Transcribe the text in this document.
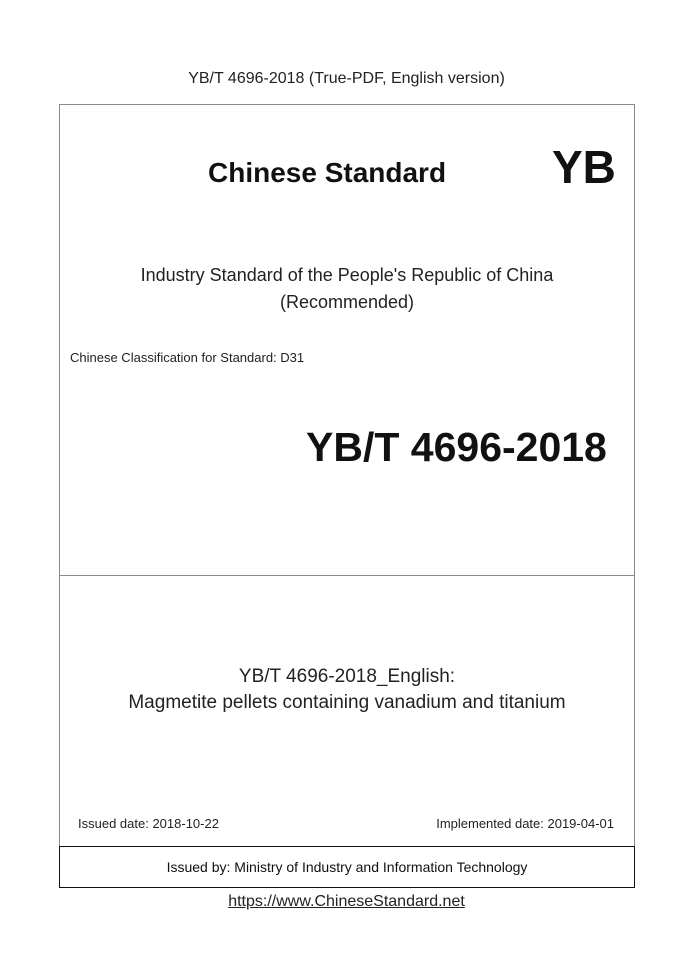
YB/T 4696-2018 (True-PDF, English version)
Chinese Standard YB
Industry Standard of the People's Republic of China
(Recommended)
Chinese Classification for Standard: D31
YB/T 4696-2018
YB/T 4696-2018_English:
Magmetite pellets containing vanadium and titanium
Issued date: 2018-10-22	Implemented date: 2019-04-01
Issued by: Ministry of Industry and Information Technology
https://www.ChineseStandard.net
